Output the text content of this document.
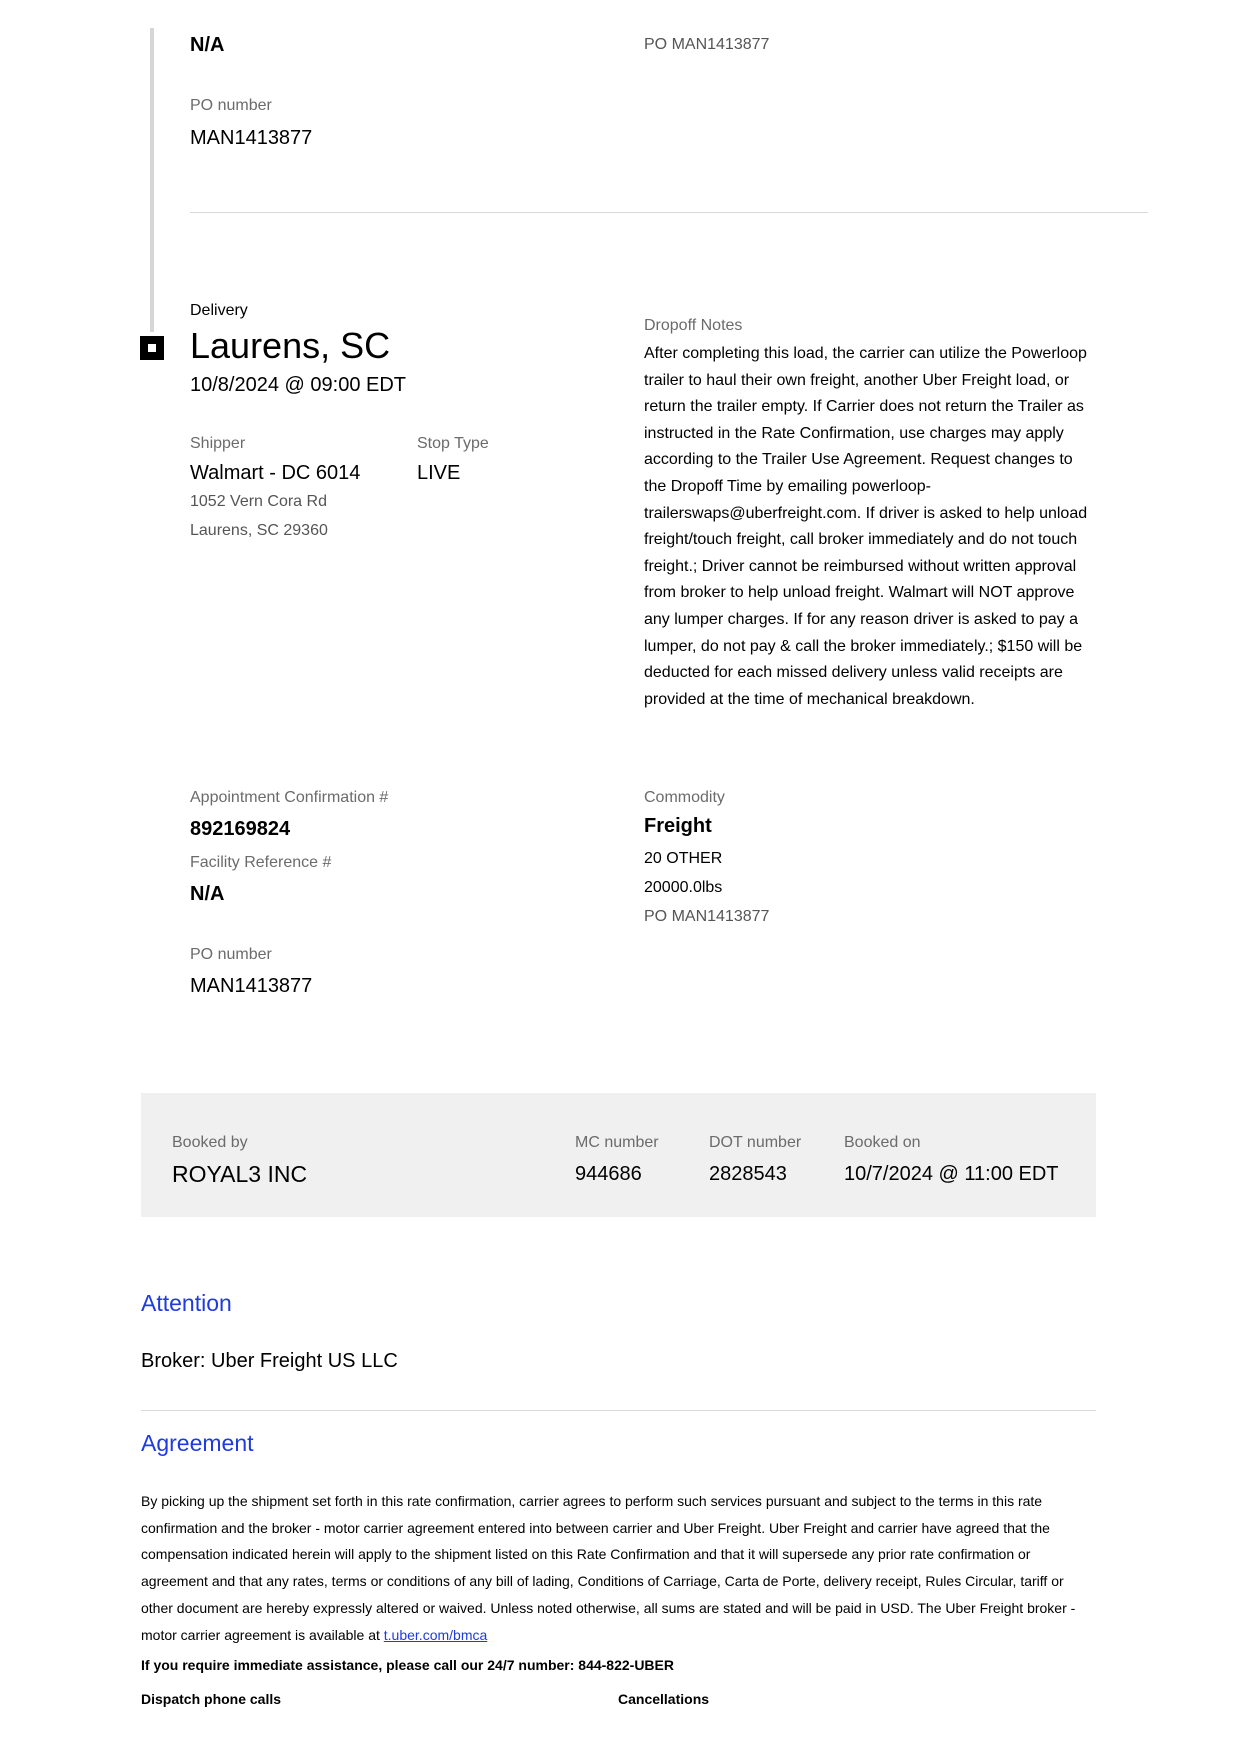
N/A	PO MAN1413877
PO number
MAN1413877
Delivery
Laurens, SC
10/8/2024 @ 09:00 EDT
Shipper
Walmart - DC 6014
1052 Vern Cora Rd
Laurens, SC 29360
Stop Type
LIVE
Dropoff Notes
After completing this load, the carrier can utilize the Powerloop trailer to haul their own freight, another Uber Freight load, or return the trailer empty. If Carrier does not return the Trailer as instructed in the Rate Confirmation, use charges may apply according to the Trailer Use Agreement. Request changes to the Dropoff Time by emailing powerloop-trailerswaps@uberfreight.com. If driver is asked to help unload freight/touch freight, call broker immediately and do not touch freight.; Driver cannot be reimbursed without written approval from broker to help unload freight. Walmart will NOT approve any lumper charges. If for any reason driver is asked to pay a lumper, do not pay & call the broker immediately.; $150 will be deducted for each missed delivery unless valid receipts are provided at the time of mechanical breakdown.
Appointment Confirmation #
892169824
Facility Reference #
N/A
PO number
MAN1413877
Commodity
Freight
20 OTHER
20000.0lbs
PO MAN1413877
Booked by
ROYAL3 INC
MC number
944686
DOT number
2828543
Booked on
10/7/2024 @ 11:00 EDT
Attention
Broker: Uber Freight US LLC
Agreement
By picking up the shipment set forth in this rate confirmation, carrier agrees to perform such services pursuant and subject to the terms in this rate confirmation and the broker - motor carrier agreement entered into between carrier and Uber Freight. Uber Freight and carrier have agreed that the compensation indicated herein will apply to the shipment listed on this Rate Confirmation and that it will supersede any prior rate confirmation or agreement and that any rates, terms or conditions of any bill of lading, Conditions of Carriage, Carta de Porte, delivery receipt, Rules Circular, tariff or other document are hereby expressly altered or waived. Unless noted otherwise, all sums are stated and will be paid in USD. The Uber Freight broker - motor carrier agreement is available at t.uber.com/bmca
If you require immediate assistance, please call our 24/7 number: 844-822-UBER
Dispatch phone calls	Cancellations
